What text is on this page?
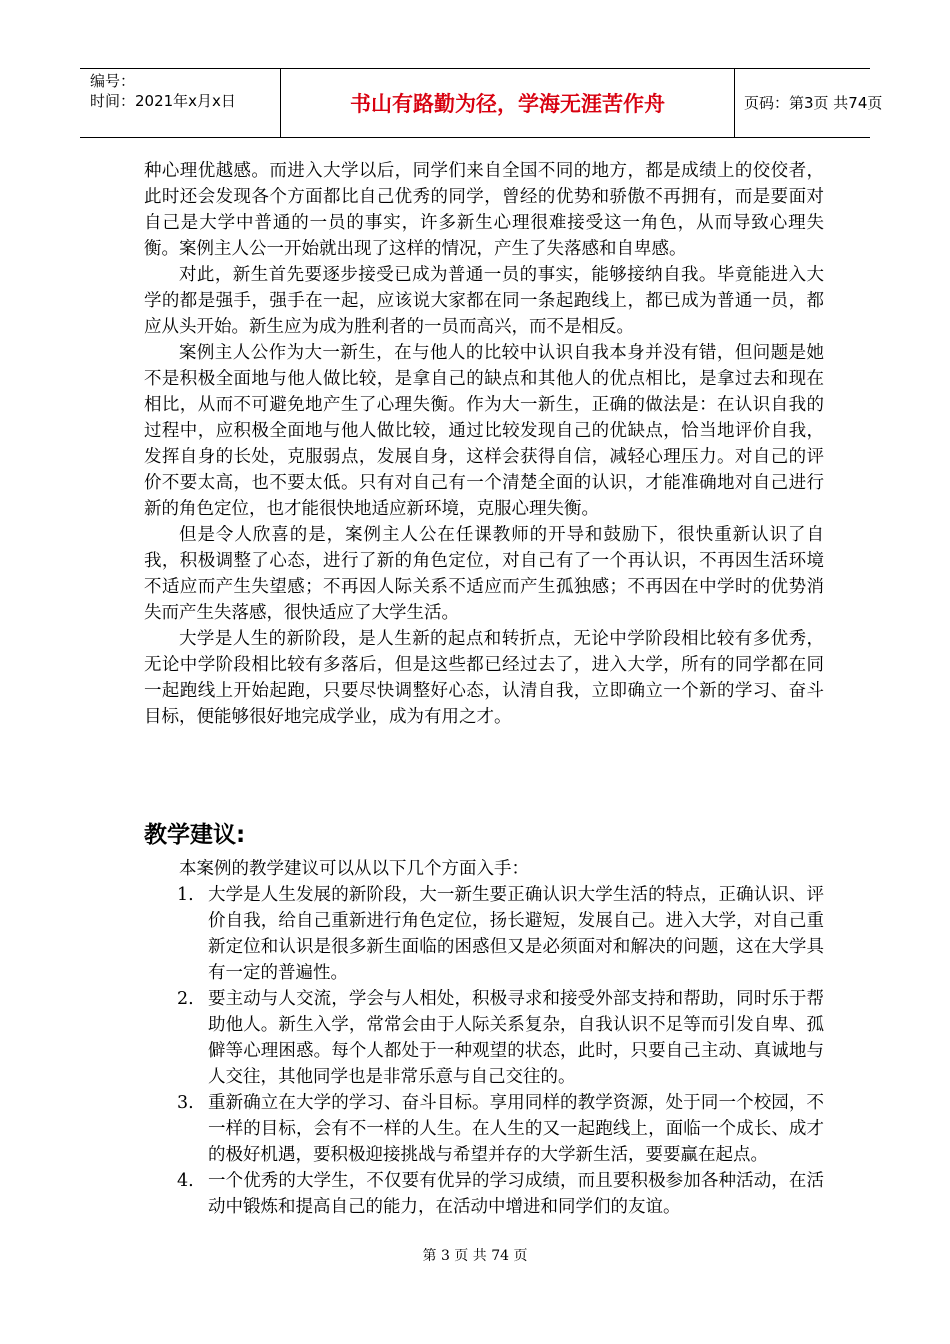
编号：
时间：2021年x月x日	书山有路勤为径，学海无涯苦作舟	页码：第3页 共74页

种心理优越感。而进入大学以后，同学们来自全国不同的地方，都是成绩上的佼佼者，此时还会发现各个方面都比自己优秀的同学，曾经的优势和骄傲不再拥有，而是要面对自己是大学中普通的一员的事实，许多新生心理很难接受这一角色，从而导致心理失衡。案例主人公一开始就出现了这样的情况，产生了失落感和自卑感。

对此，新生首先要逐步接受已成为普通一员的事实，能够接纳自我。毕竟能进入大学的都是强手，强手在一起，应该说大家都在同一条起跑线上，都已成为普通一员，都应从头开始。新生应为成为胜利者的一员而高兴，而不是相反。

案例主人公作为大一新生，在与他人的比较中认识自我本身并没有错，但问题是她不是积极全面地与他人做比较，是拿自己的缺点和其他人的优点相比，是拿过去和现在相比，从而不可避免地产生了心理失衡。作为大一新生，正确的做法是：在认识自我的过程中，应积极全面地与他人做比较，通过比较发现自己的优缺点，恰当地评价自我，发挥自身的长处，克服弱点，发展自身，这样会获得自信，减轻心理压力。对自己的评价不要太高，也不要太低。只有对自己有一个清楚全面的认识，才能准确地对自己进行新的角色定位，也才能很快地适应新环境，克服心理失衡。

但是令人欣喜的是，案例主人公在任课教师的开导和鼓励下，很快重新认识了自我，积极调整了心态，进行了新的角色定位，对自己有了一个再认识，不再因生活环境不适应而产生失望感；不再因人际关系不适应而产生孤独感；不再因在中学时的优势消失而产生失落感，很快适应了大学生活。

大学是人生的新阶段，是人生新的起点和转折点，无论中学阶段相比较有多优秀，无论中学阶段相比较有多落后，但是这些都已经过去了，进入大学，所有的同学都在同一起跑线上开始起跑，只要尽快调整好心态，认清自我，立即确立一个新的学习、奋斗目标，便能够很好地完成学业，成为有用之才。

教学建议:

本案例的教学建议可以从以下几个方面入手：

1. 大学是人生发展的新阶段，大一新生要正确认识大学生活的特点，正确认识、评价自我，给自己重新进行角色定位，扬长避短，发展自己。进入大学，对自己重新定位和认识是很多新生面临的困惑但又是必须面对和解决的问题，这在大学具有一定的普遍性。
2. 要主动与人交流，学会与人相处，积极寻求和接受外部支持和帮助，同时乐于帮助他人。新生入学，常常会由于人际关系复杂，自我认识不足等而引发自卑、孤僻等心理困惑。每个人都处于一种观望的状态，此时，只要自己主动、真诚地与人交往，其他同学也是非常乐意与自己交往的。
3. 重新确立在大学的学习、奋斗目标。享用同样的教学资源，处于同一个校园，不一样的目标，会有不一样的人生。在人生的又一起跑线上，面临一个成长、成才的极好机遇，要积极迎接挑战与希望并存的大学新生活，要要赢在起点。
4. 一个优秀的大学生，不仅要有优异的学习成绩，而且要积极参加各种活动，在活动中锻炼和提高自己的能力，在活动中增进和同学们的友谊。
第 3 页 共 74 页
